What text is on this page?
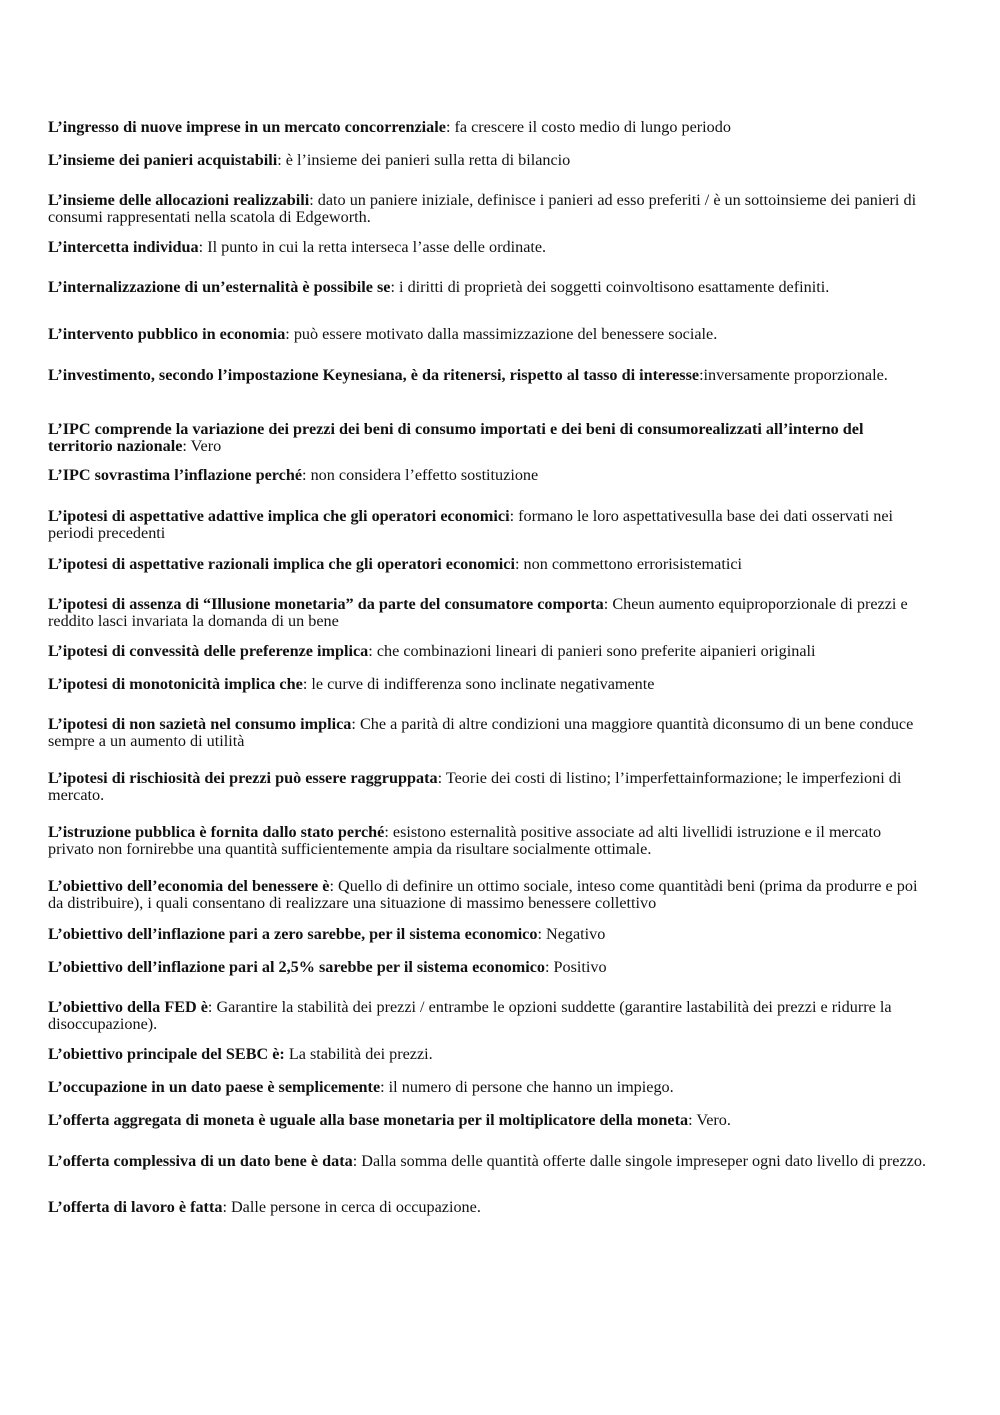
L’ingresso di nuove imprese in un mercato concorrenziale: fa crescere il costo medio di lungo periodo

L’insieme dei panieri acquistabili: è l’insieme dei panieri sulla retta di bilancio

L’insieme delle allocazioni realizzabili: dato un paniere iniziale, definisce i panieri ad esso preferiti / è un sottoinsieme dei panieri di consumi rappresentati nella scatola di Edgeworth.

L’intercetta individua: Il punto in cui la retta interseca l’asse delle ordinate.

L’internalizzazione di un’esternalità è possibile se: i diritti di proprietà dei soggetti coinvoltisono esattamente definiti.

L’intervento pubblico in economia: può essere motivato dalla massimizzazione del benessere sociale.

L’investimento, secondo l’impostazione Keynesiana, è da ritenersi, rispetto al tasso di interesse:inversamente proporzionale.

L’IPC comprende la variazione dei prezzi dei beni di consumo importati e dei beni di consumorealizzati all’interno del territorio nazionale: Vero

L’IPC sovrastima l’inflazione perché: non considera l’effetto sostituzione

L’ipotesi di aspettative adattive implica che gli operatori economici: formano le loro aspettativesulla base dei dati osservati nei periodi precedenti

L’ipotesi di aspettative razionali implica che gli operatori economici: non commettono errorisistematici

L’ipotesi di assenza di “Illusione monetaria” da parte del consumatore comporta: Cheun aumento equiproporzionale di prezzi e reddito lasci invariata la domanda di un bene

L’ipotesi di convessità delle preferenze implica: che combinazioni lineari di panieri sono preferite aipanieri originali

L’ipotesi di monotonicità implica che: le curve di indifferenza sono inclinate negativamente

L’ipotesi di non sazietà nel consumo implica: Che a parità di altre condizioni una maggiore quantità diconsumo di un bene conduce sempre a un aumento di utilità

L’ipotesi di rischiosità dei prezzi può essere raggruppata: Teorie dei costi di listino; l’imperfettainformazione; le imperfezioni di mercato.

L’istruzione pubblica è fornita dallo stato perché: esistono esternalità positive associate ad alti livellidi istruzione e il mercato privato non fornirebbe una quantità sufficientemente ampia da risultare socialmente ottimale.

L’obiettivo dell’economia del benessere è: Quello di definire un ottimo sociale, inteso come quantitàdi beni (prima da produrre e poi da distribuire), i quali consentano di realizzare una situazione di massimo benessere collettivo

L’obiettivo dell’inflazione pari a zero sarebbe, per il sistema economico: Negativo

L’obiettivo dell’inflazione pari al 2,5% sarebbe per il sistema economico: Positivo

L’obiettivo della FED è: Garantire la stabilità dei prezzi / entrambe le opzioni suddette (garantire lastabilità dei prezzi e ridurre la disoccupazione).

L’obiettivo principale del SEBC è: La stabilità dei prezzi.

L’occupazione in un dato paese è semplicemente: il numero di persone che hanno un impiego.

L’offerta aggregata di moneta è uguale alla base monetaria per il moltiplicatore della moneta: Vero.

L’offerta complessiva di un dato bene è data: Dalla somma delle quantità offerte dalle singole impreseper ogni dato livello di prezzo.

L’offerta di lavoro è fatta: Dalle persone in cerca di occupazione.
